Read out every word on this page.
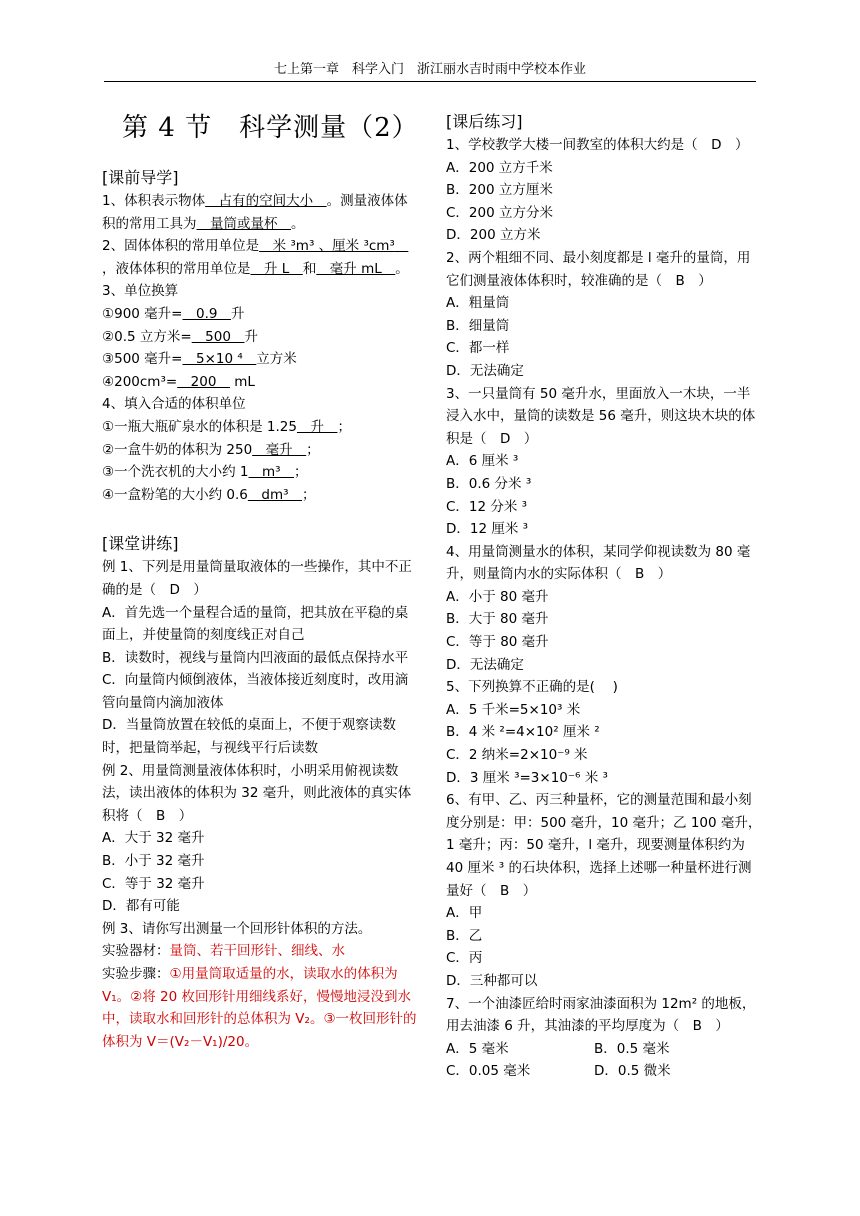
七上第一章　科学入门　浙江丽水吉时雨中学校本作业
第 4 节　科学测量（2）
[课前导学]
1、体积表示物体　占有的空间大小　。测量液体体积的常用工具为　量筒或量杯　。
2、固体体积的常用单位是　米 ³m³ 、厘米 ³cm³　，液体体积的常用单位是　升 L　和　毫升 mL　。
3、单位换算
①900 毫升=　0.9　升
②0.5 立方米=　500　升
③500 毫升=　5×10 ⁴　立方米
④200cm³=　200　 mL
4、填入合适的体积单位
①一瓶大瓶矿泉水的体积是 1.25　升　；
②一盒牛奶的体积为 250　毫升　；
③一个洗衣机的大小约 1　m³　；
④一盒粉笔的大小约 0.6　dm³　；
[课堂讲练]
例 1、下列是用量筒量取液体的一些操作，其中不正确的是（　D　）
A．首先选一个量程合适的量筒，把其放在平稳的桌面上，并使量筒的刻度线正对自己
B．读数时，视线与量筒内凹液面的最低点保持水平
C．向量筒内倾倒液体，当液体接近刻度时，改用滴管向量筒内滴加液体
D．当量筒放置在较低的桌面上，不便于观察读数时，把量筒举起，与视线平行后读数
例 2、用量筒测量液体体积时，小明采用俯视读数法，读出液体的体积为 32 毫升，则此液体的真实体积将（　B　）
A．大于 32 毫升
B．小于 32 毫升
C．等于 32 毫升
D．都有可能
例 3、请你写出测量一个回形针体积的方法。
实验器材：量筒、若干回形针、细线、水
实验步骤：①用量筒取适量的水，读取水的体积为 V₁。②将 20 枚回形针用细线系好，慢慢地浸没到水中，读取水和回形针的总体积为 V₂。③一枚回形针的体积为 V＝(V₂－V₁)/20。
[课后练习]
1、学校教学大楼一间教室的体积大约是（　D　）
A．200 立方千米
B．200 立方厘米
C．200 立方分米
D．200 立方米
2、两个粗细不同、最小刻度都是 l 毫升的量筒，用它们测量液体体积时，较准确的是（　B　）
A．粗量筒
B．细量筒
C．都一样
D．无法确定
3、一只量筒有 50 毫升水，里面放入一木块，一半浸入水中，量筒的读数是 56 毫升，则这块木块的体积是（　D　）
A．6 厘米 ³
B．0.6 分米 ³
C．12 分米 ³
D．12 厘米 ³
4、用量筒测量水的体积，某同学仰视读数为 80 毫升，则量筒内水的实际体积（　B　）
A．小于 80 毫升
B．大于 80 毫升
C．等于 80 毫升
D．无法确定
5、下列换算不正确的是(　 )
A．5 千米=5×10³ 米
B．4 米 ²=4×10² 厘米 ²
C．2 纳米=2×10⁻⁹ 米
D．3 厘米 ³=3×10⁻⁶ 米 ³
6、有甲、乙、丙三种量杯，它的测量范围和最小刻度分别是：甲：500 毫升，10 毫升；乙 100 毫升，1 毫升；丙：50 毫升，l 毫升，现要测量体积约为 40 厘米 ³ 的石块体积，选择上述哪一种量杯进行测量好（　B　）
A．甲
B．乙
C．丙
D．三种都可以
7、一个油漆匠给时雨家油漆面积为 12m² 的地板，用去油漆 6 升，其油漆的平均厚度为（　B　）
A．5 毫米	B．0.5 毫米
C．0.05 毫米	D．0.5 微米
